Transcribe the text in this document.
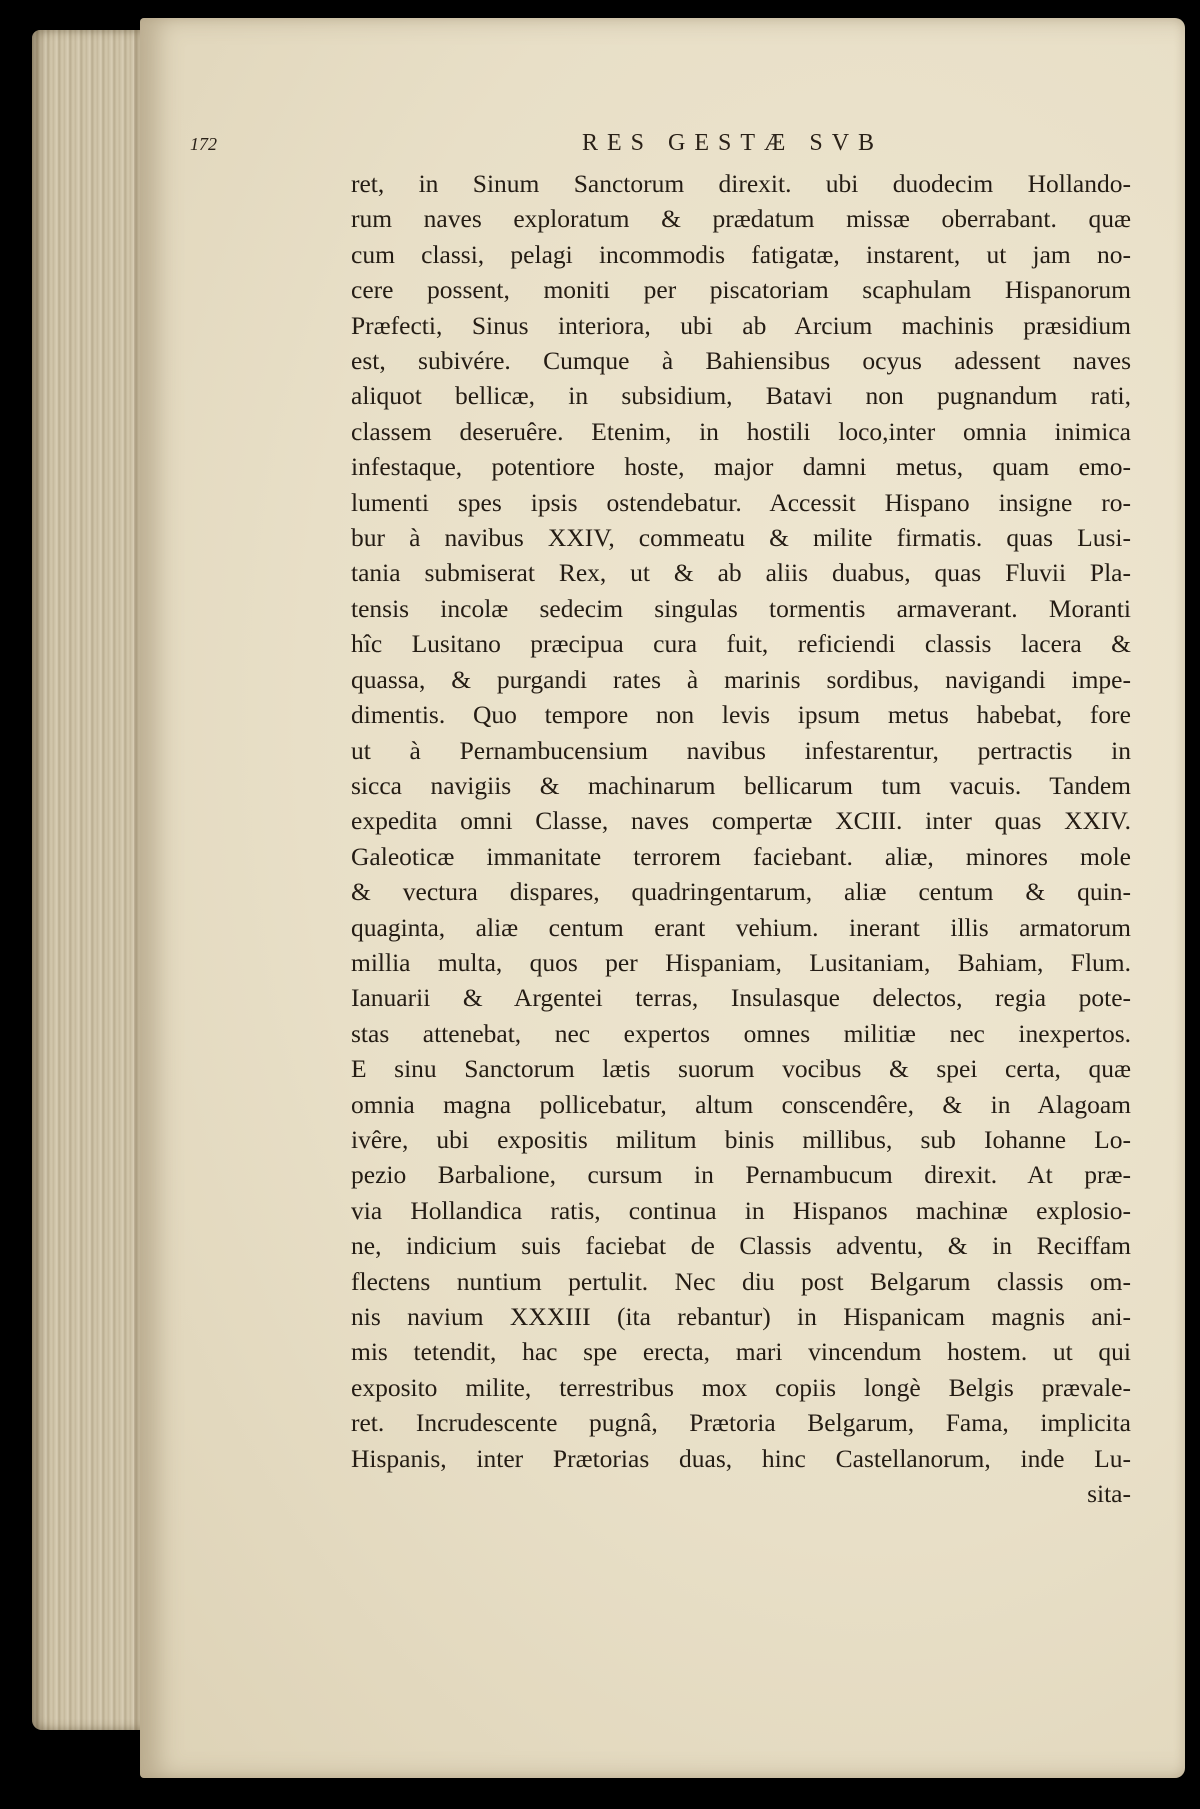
172	RES GESTÆ SVB
ret, in Sinum Sanctorum direxit. ubi duodecim Hollando-
rum naves exploratum & prædatum missæ oberrabant. quæ
cum classi, pelagi incommodis fatigatæ, instarent, ut jam no-
cere possent, moniti per piscatoriam scaphulam Hispanorum
Præfecti, Sinus interiora, ubi ab Arcium machinis præsidium
est, subivére. Cumque à Bahiensibus ocyus adessent naves
aliquot bellicæ, in subsidium, Batavi non pugnandum rati,
classem deseruêre. Etenim, in hostili loco,inter omnia inimica
infestaque, potentiore hoste, major damni metus, quam emo-
lumenti spes ipsis ostendebatur. Accessit Hispano insigne ro-
bur à navibus XXIV, commeatu & milite firmatis. quas Lusi-
tania submiserat Rex, ut & ab aliis duabus, quas Fluvii Pla-
tensis incolæ sedecim singulas tormentis armaverant. Moranti
hîc Lusitano præcipua cura fuit, reficiendi classis lacera &
quassa, & purgandi rates à marinis sordibus, navigandi impe-
dimentis. Quo tempore non levis ipsum metus habebat, fore
ut à Pernambucensium navibus infestarentur, pertractis in
sicca navigiis & machinarum bellicarum tum vacuis. Tandem
expedita omni Classe, naves compertæ XCIII. inter quas XXIV.
Galeoticæ immanitate terrorem faciebant. aliæ, minores mole
& vectura dispares, quadringentarum, aliæ centum & quin-
quaginta, aliæ centum erant vehium. inerant illis armatorum
millia multa, quos per Hispaniam, Lusitaniam, Bahiam, Flum.
Ianuarii & Argentei terras, Insulasque delectos, regia pote-
stas attenebat, nec expertos omnes militiæ nec inexpertos.
E sinu Sanctorum lætis suorum vocibus & spei certa, quæ
omnia magna pollicebatur, altum conscendêre, & in Alagoam
ivêre, ubi expositis militum binis millibus, sub Iohanne Lo-
pezio Barbalione, cursum in Pernambucum direxit. At præ-
via Hollandica ratis, continua in Hispanos machinæ explosio-
ne, indicium suis faciebat de Classis adventu, & in Reciffam
flectens nuntium pertulit. Nec diu post Belgarum classis om-
nis navium XXXIII (ita rebantur) in Hispanicam magnis ani-
mis tetendit, hac spe erecta, mari vincendum hostem. ut qui
exposito milite, terrestribus mox copiis longè Belgis prævale-
ret. Incrudescente pugnâ, Prætoria Belgarum, Fama, implicita
Hispanis, inter Prætorias duas, hinc Castellanorum, inde Lu-
sita-
